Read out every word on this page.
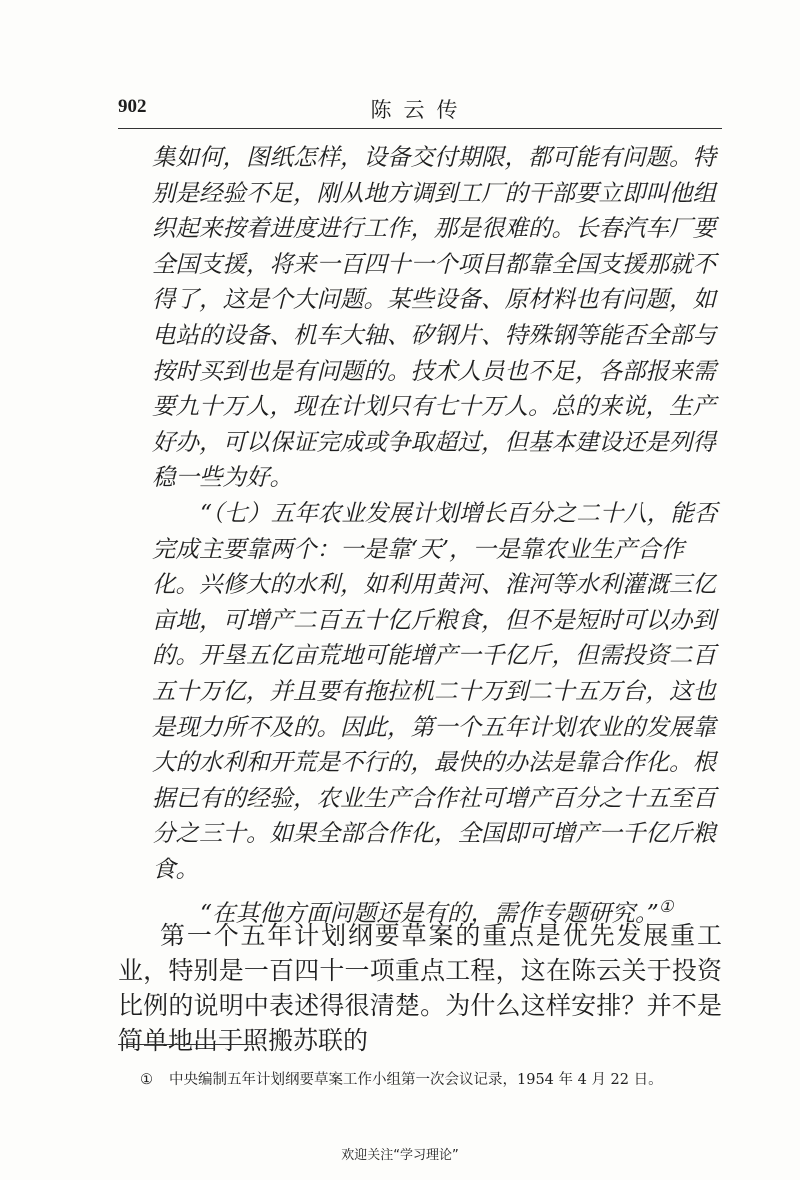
902	陈云传

集如何，图纸怎样，设备交付期限，都可能有问题。特别是经验不足，刚从地方调到工厂的干部要立即叫他组织起来按着进度进行工作，那是很难的。长春汽车厂要全国支援，将来一百四十一个项目都靠全国支援那就不得了，这是个大问题。某些设备、原材料也有问题，如电站的设备、机车大轴、矽钢片、特殊钢等能否全部与按时买到也是有问题的。技术人员也不足，各部报来需要九十万人，现在计划只有七十万人。总的来说，生产好办，可以保证完成或争取超过，但基本建设还是列得稳一些为好。

“（七）五年农业发展计划增长百分之二十八，能否完成主要靠两个：一是靠‘天’，一是靠农业生产合作化。兴修大的水利，如利用黄河、淮河等水利灌溉三亿亩地，可增产二百五十亿斤粮食，但不是短时可以办到的。开垦五亿亩荒地可能增产一千亿斤，但需投资二百五十万亿，并且要有拖拉机二十万到二十五万台，这也是现力所不及的。因此，第一个五年计划农业的发展靠大的水利和开荒是不行的，最快的办法是靠合作化。根据已有的经验，农业生产合作社可增产百分之十五至百分之三十。如果全部合作化，全国即可增产一千亿斤粮食。

“在其他方面问题还是有的，需作专题研究。”①

第一个五年计划纲要草案的重点是优先发展重工业，特别是一百四十一项重点工程，这在陈云关于投资比例的说明中表述得很清楚。为什么这样安排？并不是简单地出于照搬苏联的

① 中央编制五年计划纲要草案工作小组第一次会议记录，1954 年 4 月 22 日。
欢迎关注“学习理论”
